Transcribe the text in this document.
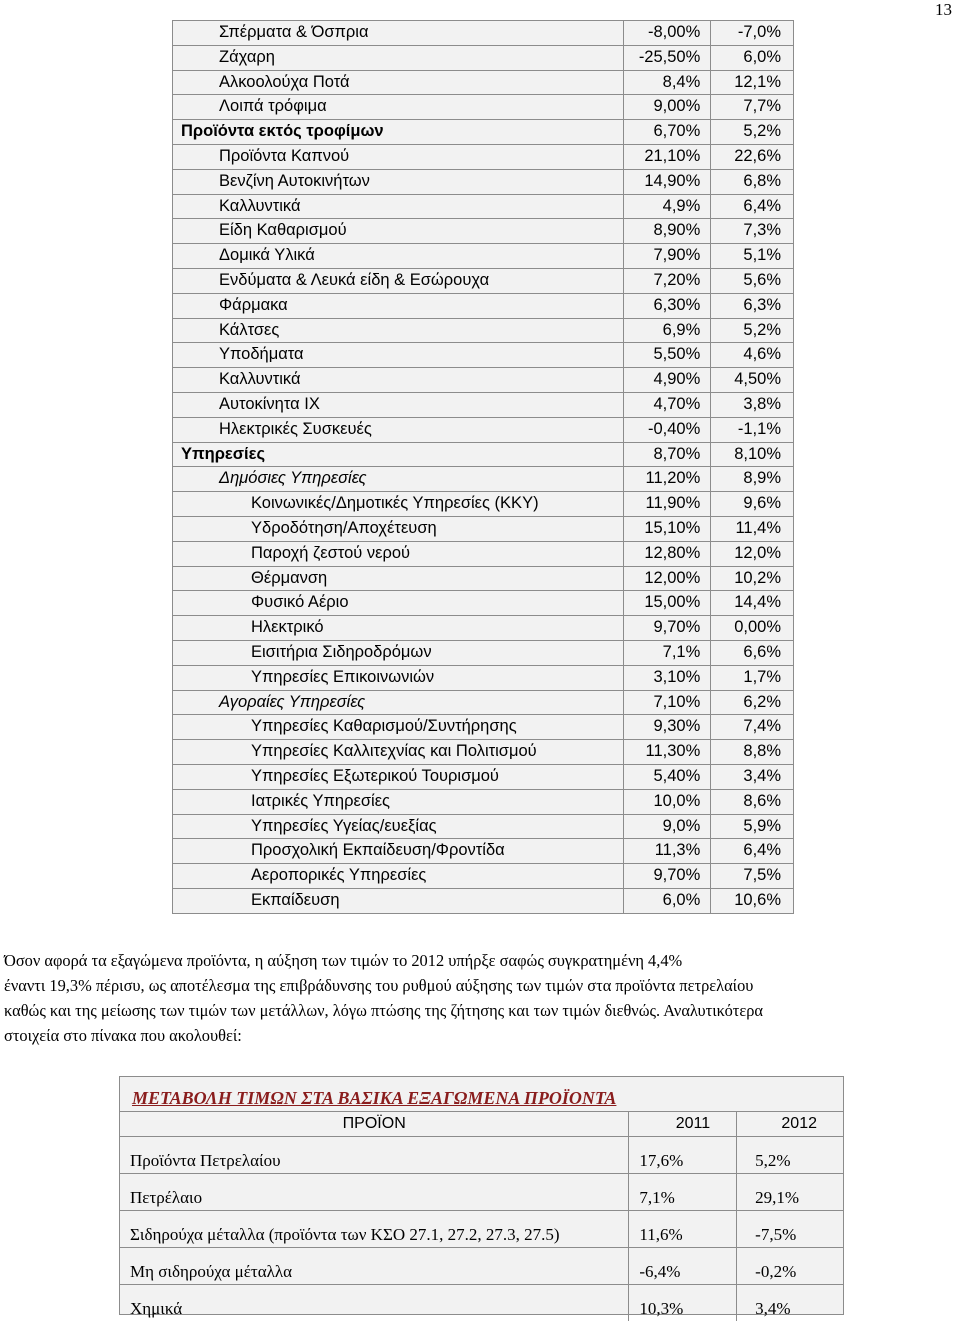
13
Σπέρματα & Όσπρια	-8,00%	-7,0%
Ζάχαρη	-25,50%	6,0%
Αλκοολούχα Ποτά	8,4%	12,1%
Λοιπά τρόφιμα	9,00%	7,7%
Προϊόντα εκτός τροφίμων	6,70%	5,2%
Προϊόντα Καπνού	21,10%	22,6%
Βενζίνη Αυτοκινήτων	14,90%	6,8%
Καλλυντικά	4,9%	6,4%
Είδη Καθαρισμού	8,90%	7,3%
Δομικά Υλικά	7,90%	5,1%
Ενδύματα & Λευκά είδη & Εσώρουχα	7,20%	5,6%
Φάρμακα	6,30%	6,3%
Κάλτσες	6,9%	5,2%
Υποδήματα	5,50%	4,6%
Καλλυντικά	4,90%	4,50%
Αυτοκίνητα ΙΧ	4,70%	3,8%
Ηλεκτρικές Συσκευές	-0,40%	-1,1%
Υπηρεσίες	8,70%	8,10%
Δημόσιες Υπηρεσίες	11,20%	8,9%
Κοινωνικές/Δημοτικές Υπηρεσίες (ΚΚΥ)	11,90%	9,6%
Υδροδότηση/Αποχέτευση	15,10%	11,4%
Παροχή ζεστού νερού	12,80%	12,0%
Θέρμανση	12,00%	10,2%
Φυσικό Αέριο	15,00%	14,4%
Ηλεκτρικό	9,70%	0,00%
Εισιτήρια Σιδηροδρόμων	7,1%	6,6%
Υπηρεσίες Επικοινωνιών	3,10%	1,7%
Αγοραίες Υπηρεσίες	7,10%	6,2%
Υπηρεσίες Καθαρισμού/Συντήρησης	9,30%	7,4%
Υπηρεσίες Καλλιτεχνίας και Πολιτισμού	11,30%	8,8%
Υπηρεσίες Εξωτερικού Τουρισμού	5,40%	3,4%
Ιατρικές Υπηρεσίες	10,0%	8,6%
Υπηρεσίες Υγείας/ευεξίας	9,0%	5,9%
Προσχολική Εκπαίδευση/Φροντίδα	11,3%	6,4%
Αεροπορικές Υπηρεσίες	9,70%	7,5%
Εκπαίδευση	6,0%	10,6%
Όσον αφορά τα εξαγώμενα προϊόντα, η αύξηση των τιμών το 2012 υπήρξε σαφώς συγκρατημένη 4,4%
έναντι 19,3% πέρισυ, ως αποτέλεσμα της επιβράδυνσης του ρυθμού αύξησης των τιμών στα προϊόντα πετρελαίου
καθώς και της μείωσης των τιμών των μετάλλων, λόγω πτώσης της ζήτησης και των τιμών διεθνώς. Αναλυτικότερα
στοιχεία στο πίνακα που ακολουθεί:
ΜΕΤΑΒΟΛΗ ΤΙΜΩΝ ΣΤΑ ΒΑΣΙΚΑ ΕΞΑΓΩΜΕΝΑ ΠΡΟΪΟΝΤΑ
ΠΡΟΪΟΝ	2011	2012
Προϊόντα Πετρελαίου	17,6%	5,2%
Πετρέλαιο	7,1%	29,1%
Σιδηρούχα μέταλλα (προϊόντα των ΚΣΟ 27.1, 27.2, 27.3, 27.5)	11,6%	-7,5%
Μη σιδηρούχα μέταλλα	-6,4%	-0,2%
Χημικά	10,3%	3,4%
